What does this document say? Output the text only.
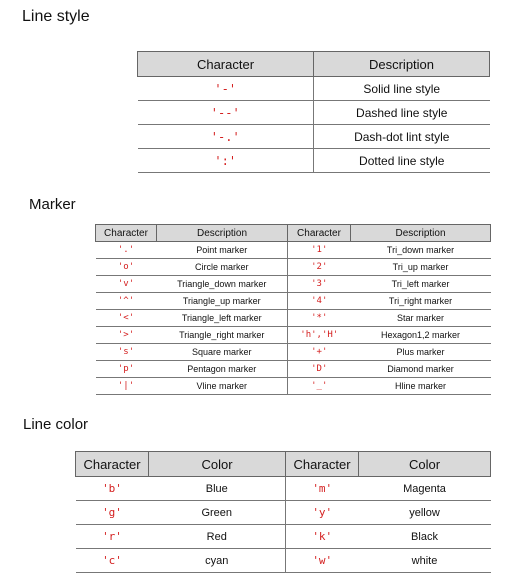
Line style
Character	Description
'-'	Solid line style
'--'	Dashed line style
'-.'	Dash-dot lint style
':'	Dotted line style
Marker
Character	Description	Character	Description
'.'	Point marker	'1'	Tri_down marker
'o'	Circle marker	'2'	Tri_up marker
'v'	Triangle_down marker	'3'	Tri_left marker
'^'	Triangle_up marker	'4'	Tri_right marker
'<'	Triangle_left marker	'*'	Star marker
'>'	Triangle_right marker	'h','H'	Hexagon1,2 marker
's'	Square marker	'+'	Plus marker
'p'	Pentagon marker	'D'	Diamond marker
'|'	Vline marker	'_'	Hline marker
Line color
Character	Color	Character	Color
'b'	Blue	'm'	Magenta
'g'	Green	'y'	yellow
'r'	Red	'k'	Black
'c'	cyan	'w'	white
